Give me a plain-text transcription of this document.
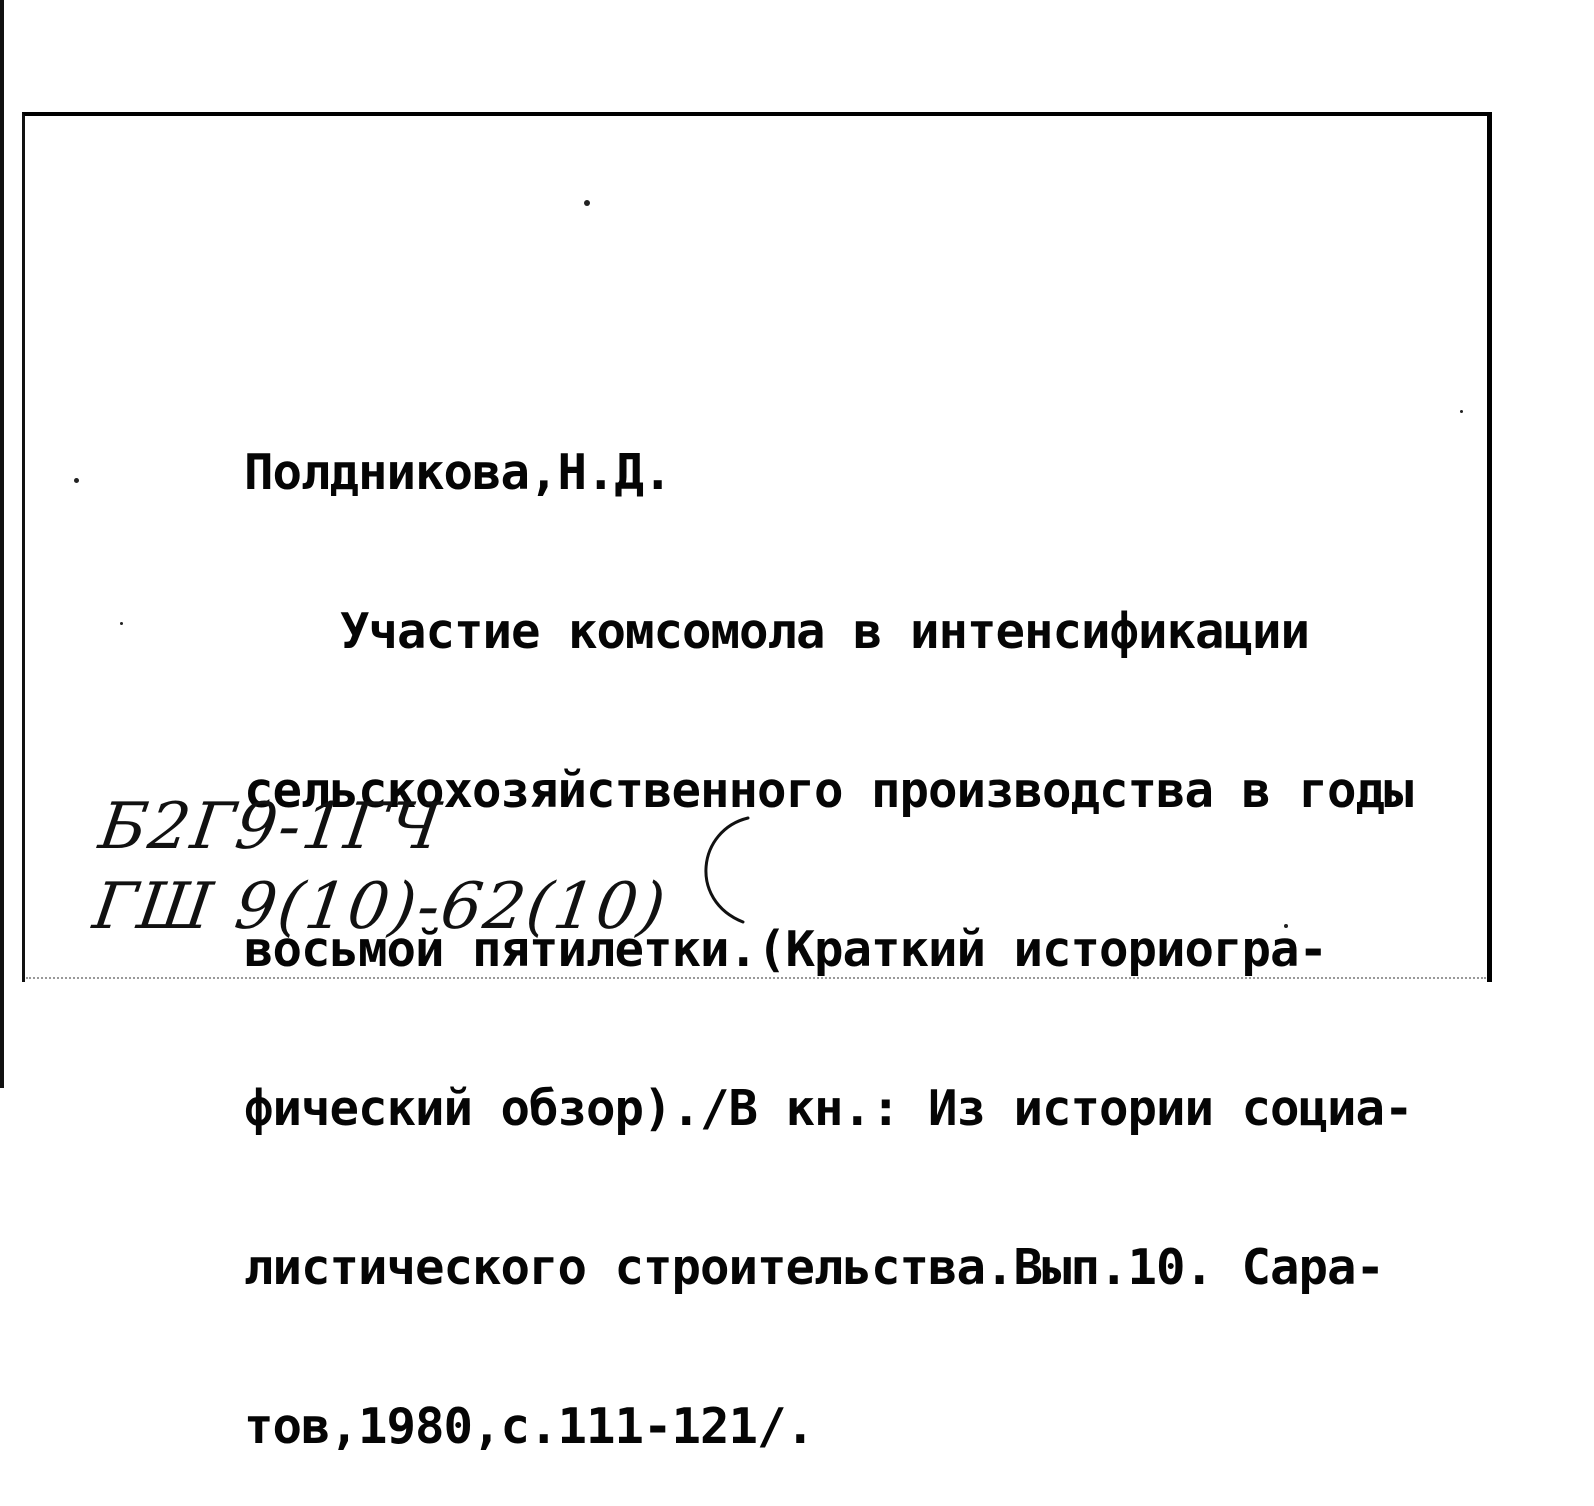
Полдникова,Н.Д.

Участие комсомола в интенсификации

сельскохозяйственного производства в годы

восьмой пятилетки.(Краткий историогра-

фический обзор)./В кн.: Из истории социа-

листического строительства.Вып.10. Сара-

тов,1980,с.111-121/.

Б2Г9-1ГЧ
ГШ 9(10)-62(10)
